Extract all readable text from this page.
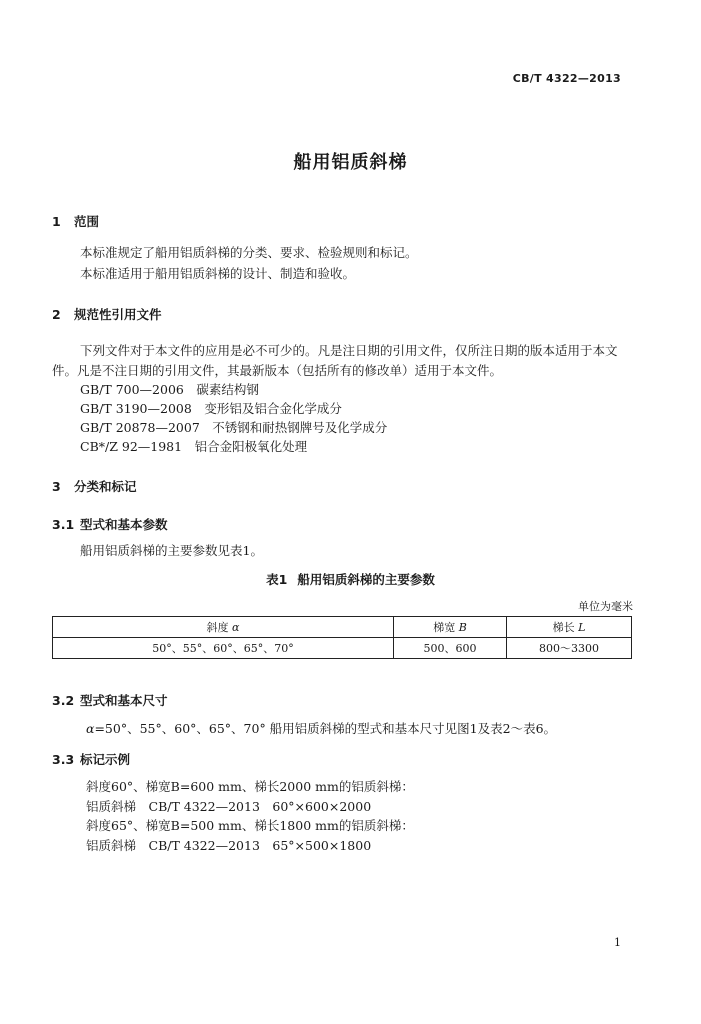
CB/T 4322—2013
船用铝质斜梯
1 范围
本标准规定了船用铝质斜梯的分类、要求、检验规则和标记。
本标准适用于船用铝质斜梯的设计、制造和验收。
2 规范性引用文件
下列文件对于本文件的应用是必不可少的。凡是注日期的引用文件，仅所注日期的版本适用于本文
件。凡是不注日期的引用文件，其最新版本（包括所有的修改单）适用于本文件。
GB/T 700—2006　碳素结构钢
GB/T 3190—2008　变形铝及铝合金化学成分
GB/T 20878—2007　不锈钢和耐热钢牌号及化学成分
CB*/Z 92—1981　铝合金阳极氧化处理
3 分类和标记
3.1 型式和基本参数
船用铝质斜梯的主要参数见表1。
表1 船用铝质斜梯的主要参数
单位为毫米
斜度 α	梯宽 B	梯长 L
50°、55°、60°、65°、70°	500、600	800～3300
3.2 型式和基本尺寸
α=50°、55°、60°、65°、70° 船用铝质斜梯的型式和基本尺寸见图1及表2～表6。
3.3 标记示例
斜度60°、梯宽B=600 mm、梯长2000 mm的铝质斜梯：
铝质斜梯　CB/T 4322—2013　60°×600×2000
斜度65°、梯宽B=500 mm、梯长1800 mm的铝质斜梯：
铝质斜梯　CB/T 4322—2013　65°×500×1800
1
